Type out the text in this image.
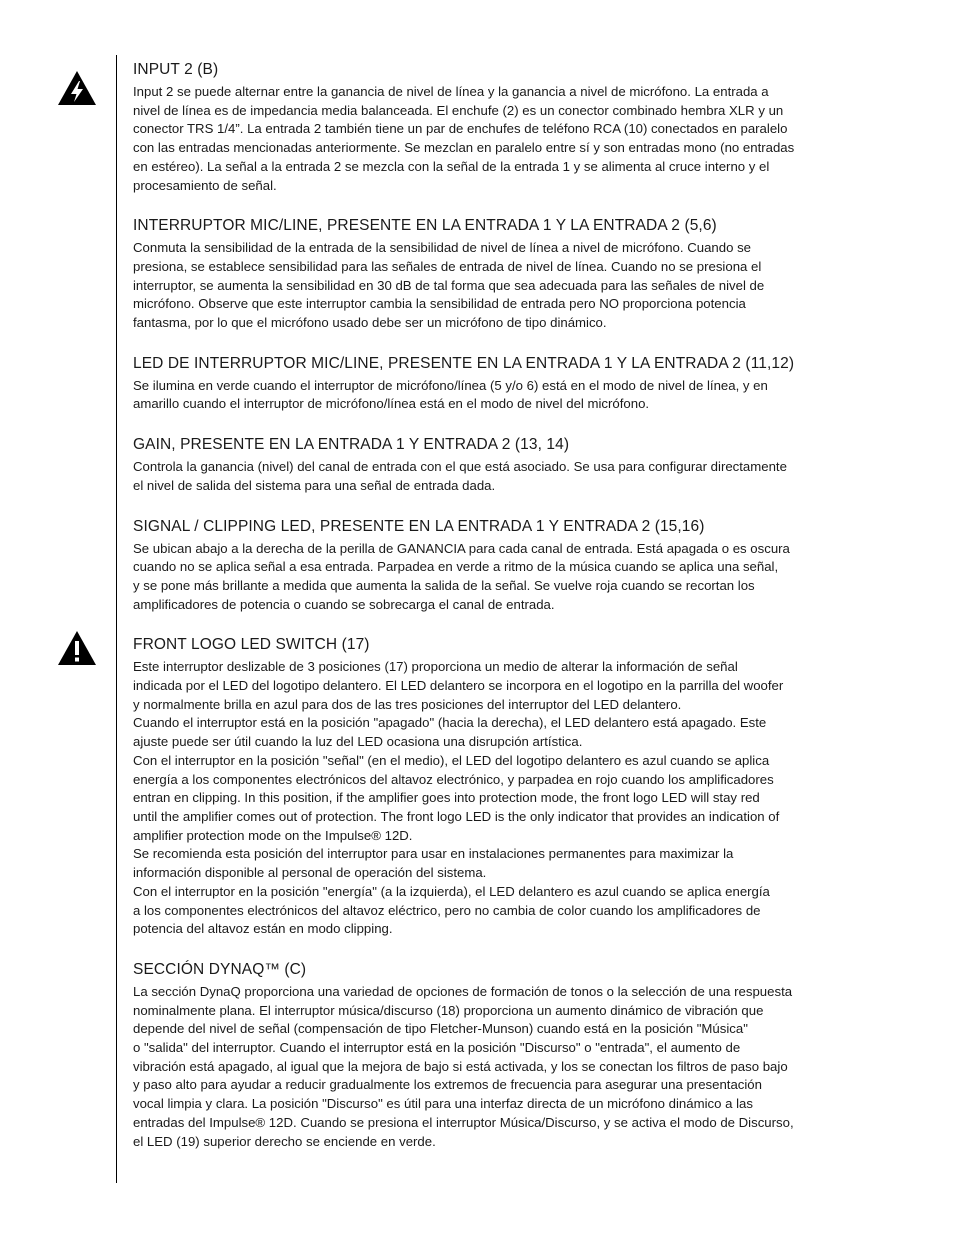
INPUT 2 (B)

Input 2 se puede alternar entre la ganancia de nivel de línea y la ganancia a nivel de micrófono. La entrada a
nivel de línea es de impedancia media balanceada. El enchufe (2) es un conector combinado hembra XLR y un
conector TRS 1/4”. La entrada 2 también tiene un par de enchufes de teléfono RCA (10) conectados en paralelo
con las entradas mencionadas anteriormente. Se mezclan en paralelo entre sí y son entradas mono (no entradas
en estéreo). La señal a la entrada 2 se mezcla con la señal de la entrada 1 y se alimenta al cruce interno y el
procesamiento de señal.

INTERRUPTOR MIC/LINE, PRESENTE EN LA ENTRADA 1 Y LA ENTRADA 2 (5,6)

Conmuta la sensibilidad de la entrada de la sensibilidad de nivel de línea a nivel de micrófono. Cuando se
presiona, se establece sensibilidad para las señales de entrada de nivel de línea. Cuando no se presiona el
interruptor, se aumenta la sensibilidad en 30 dB de tal forma que sea adecuada para las señales de nivel de
micrófono. Observe que este interruptor cambia la sensibilidad de entrada pero NO proporciona potencia
fantasma, por lo que el micrófono usado debe ser un micrófono de tipo dinámico.

LED DE INTERRUPTOR MIC/LINE, PRESENTE EN LA ENTRADA 1 Y LA ENTRADA 2 (11,12)

Se ilumina en verde cuando el interruptor de micrófono/línea (5 y/o 6) está en el modo de nivel de línea, y en
amarillo cuando el interruptor de micrófono/línea está en el modo de nivel del micrófono.

GAIN, PRESENTE EN LA ENTRADA 1 Y ENTRADA 2 (13, 14)

Controla la ganancia (nivel) del canal de entrada con el que está asociado. Se usa para configurar directamente
el nivel de salida del sistema para una señal de entrada dada.

SIGNAL / CLIPPING LED, PRESENTE EN LA ENTRADA 1 Y ENTRADA 2 (15,16)

Se ubican abajo a la derecha de la perilla de GANANCIA para cada canal de entrada. Está apagada o es oscura
cuando no se aplica señal a esa entrada. Parpadea en verde a ritmo de la música cuando se aplica una señal,
y se pone más brillante a medida que aumenta la salida de la señal. Se vuelve roja cuando se recortan los
amplificadores de potencia o cuando se sobrecarga el canal de entrada.

FRONT LOGO LED SWITCH (17)

Este interruptor deslizable de 3 posiciones (17) proporciona un medio de alterar la información de señal
indicada por el LED del logotipo delantero. El LED delantero se incorpora en el logotipo en la parrilla del woofer
y normalmente brilla en azul para dos de las tres posiciones del interruptor del LED delantero.
Cuando el interruptor está en la posición "apagado" (hacia la derecha), el LED delantero está apagado. Este
ajuste puede ser útil cuando la luz del LED ocasiona una disrupción artística.
Con el interruptor en la posición "señal" (en el medio), el LED del logotipo delantero es azul cuando se aplica
energía a los componentes electrónicos del altavoz electrónico, y parpadea en rojo cuando los amplificadores
entran en clipping. In this position, if the amplifier goes into protection mode, the front logo LED will stay red
until the amplifier comes out of protection. The front logo LED is the only indicator that provides an indication of
amplifier protection mode on the Impulse® 12D.
Se recomienda esta posición del interruptor para usar en instalaciones permanentes para maximizar la
información disponible al personal de operación del sistema.
Con el interruptor en la posición "energía" (a la izquierda), el LED delantero es azul cuando se aplica energía
a los componentes electrónicos del altavoz eléctrico, pero no cambia de color cuando los amplificadores de
potencia del altavoz están en modo clipping.

SECCIÓN DYNAQ™ (C)

La sección DynaQ proporciona una variedad de opciones de formación de tonos o la selección de una respuesta
nominalmente plana. El interruptor música/discurso (18) proporciona un aumento dinámico de vibración que
depende del nivel de señal (compensación de tipo Fletcher-Munson) cuando está en la posición "Música"
o "salida" del interruptor. Cuando el interruptor está en la posición "Discurso" o "entrada", el aumento de
vibración está apagado, al igual que la mejora de bajo si está activada, y los se conectan los filtros de paso bajo
y paso alto para ayudar a reducir gradualmente los extremos de frecuencia para asegurar una presentación
vocal limpia y clara. La posición "Discurso" es útil para una interfaz directa de un micrófono dinámico a las
entradas del Impulse® 12D. Cuando se presiona el interruptor Música/Discurso, y se activa el modo de Discurso,
el LED (19) superior derecho se enciende en verde.
